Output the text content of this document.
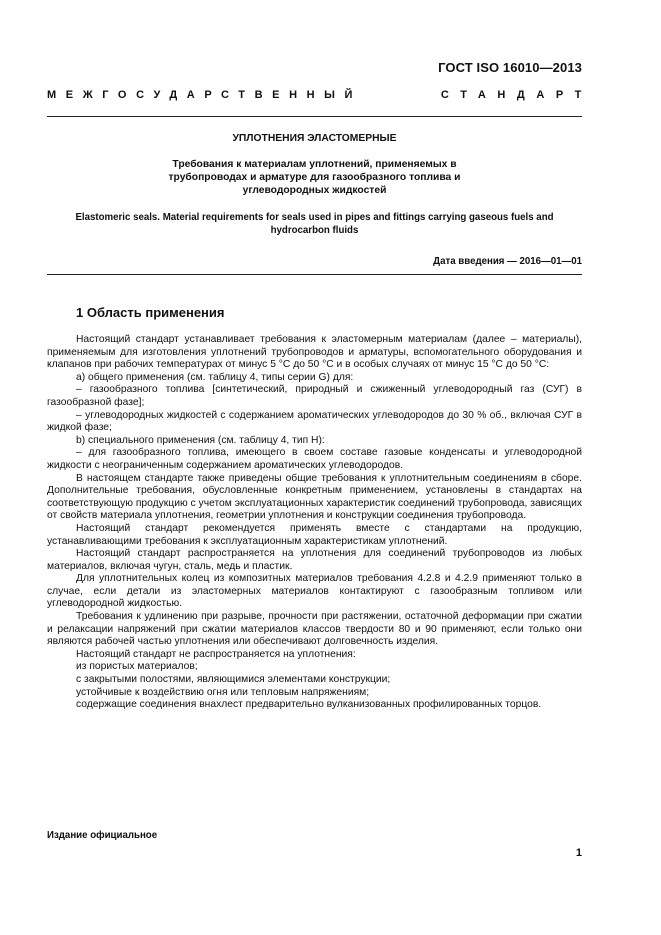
ГОСТ ISO 16010—2013
МЕЖГОСУДАРСТВЕННЫЙ	СТАНДАРТ
УПЛОТНЕНИЯ ЭЛАСТОМЕРНЫЕ
Требования к материалам уплотнений, применяемых в
трубопроводах и арматуре для газообразного топлива и
углеводородных жидкостей
Elastomeric seals. Material requirements for seals used in pipes and fittings carrying gaseous fuels and
hydrocarbon fluids
Дата введения — 2016—01—01
1 Область применения

Настоящий стандарт устанавливает требования к эластомерным материалам (далее – материалы), применяемым для изготовления уплотнений трубопроводов и арматуры, вспомогательного оборудования и клапанов при рабочих температурах от минус 5 °С до 50 °С и в особых случаях от минус 15 °С до 50 °С:

a) общего применения (см. таблицу 4, типы серии G) для:

– газообразного топлива [синтетический, природный и сжиженный углеводородный газ (СУГ) в газообразной фазе];

– углеводородных жидкостей с содержанием ароматических углеводородов до 30 % об., включая СУГ в жидкой фазе;

b) специального применения (см. таблицу 4, тип H):

– для газообразного топлива, имеющего в своем составе газовые конденсаты и углеводородной жидкости с неограниченным содержанием ароматических углеводородов.

В настоящем стандарте также приведены общие требования к уплотнительным соединениям в сборе. Дополнительные требования, обусловленные конкретным применением, установлены в стандартах на соответствующую продукцию с учетом эксплуатационных характеристик соединений трубопровода, зависящих от свойств материала уплотнения, геометрии уплотнения и конструкции соединения трубопровода.

Настоящий стандарт рекомендуется применять вместе с стандартами на продукцию, устанавливающими требования к эксплуатационным характеристикам уплотнений.

Настоящий стандарт распространяется на уплотнения для соединений трубопроводов из любых материалов, включая чугун, сталь, медь и пластик.

Для уплотнительных колец из композитных материалов требования 4.2.8 и 4.2.9 применяют только в случае, если детали из эластомерных материалов контактируют с газообразным топливом или углеводородной жидкостью.

Требования к удлинению при разрыве, прочности при растяжении, остаточной деформации при сжатии и релаксации напряжений при сжатии материалов классов твердости 80 и 90 применяют, если только они являются рабочей частью уплотнения или обеспечивают долговечность изделия.

Настоящий стандарт не распространяется на уплотнения:

из пористых материалов;

с закрытыми полостями, являющимися элементами конструкции;

устойчивые к воздействию огня или тепловым напряжениям;

содержащие соединения внахлест предварительно вулканизованных профилированных торцов.

Издание официальное
1
